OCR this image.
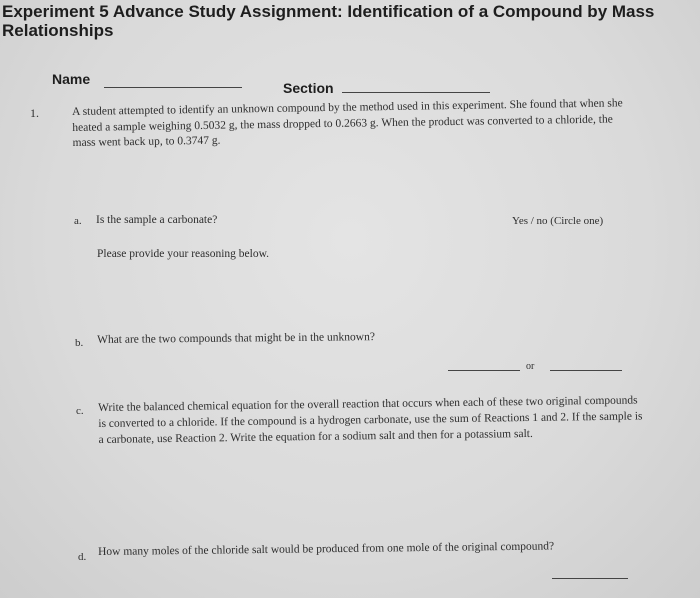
Experiment 5 Advance Study Assignment: Identification of a Compound by Mass Relationships
Name
Section
1.	A student attempted to identify an unknown compound by the method used in this experiment. She found that when she heated a sample weighing 0.5032 g, the mass dropped to 0.2663 g. When the product was converted to a chloride, the mass went back up, to 0.3747 g.
a. Is the sample a carbonate?	Yes / no (Circle one)
Please provide your reasoning below.
b. What are the two compounds that might be in the unknown?
or
c. Write the balanced chemical equation for the overall reaction that occurs when each of these two original compounds is converted to a chloride. If the compound is a hydrogen carbonate, use the sum of Reactions 1 and 2. If the sample is a carbonate, use Reaction 2. Write the equation for a sodium salt and then for a potassium salt.
d. How many moles of the chloride salt would be produced from one mole of the original compound?
